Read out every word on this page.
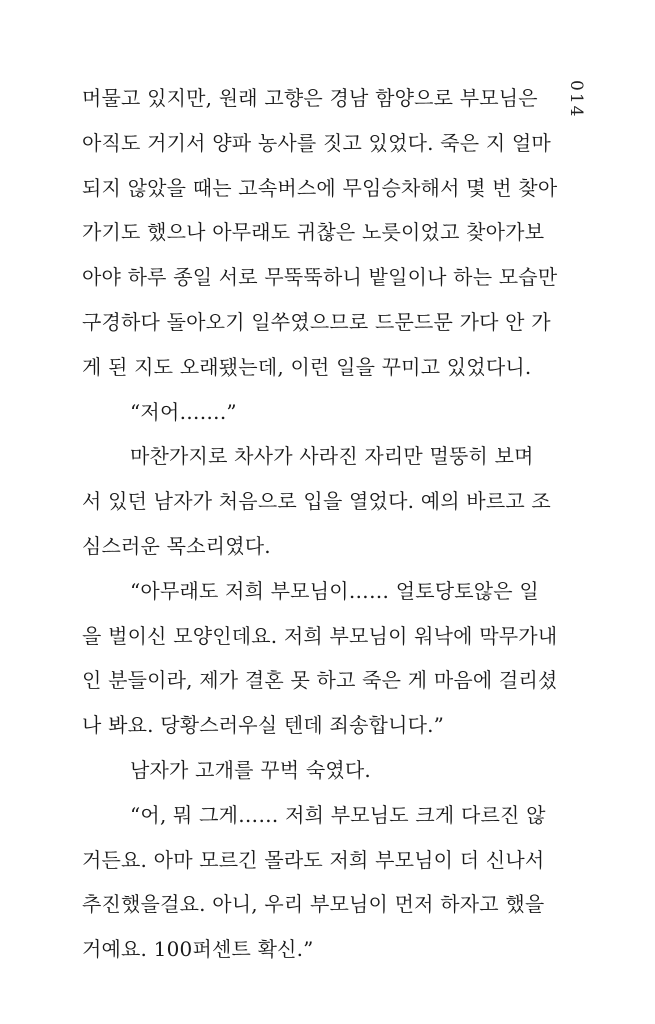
014
머물고 있지만, 원래 고향은 경남 함양으로 부모님은
아직도 거기서 양파 농사를 짓고 있었다. 죽은 지 얼마
되지 않았을 때는 고속버스에 무임승차해서 몇 번 찾아
가기도 했으나 아무래도 귀찮은 노릇이었고 찾아가보
아야 하루 종일 서로 무뚝뚝하니 밭일이나 하는 모습만
구경하다 돌아오기 일쑤였으므로 드문드문 가다 안 가
게 된 지도 오래됐는데, 이런 일을 꾸미고 있었다니.
“저어…….”
마찬가지로 차사가 사라진 자리만 멀뚱히 보며
서 있던 남자가 처음으로 입을 열었다. 예의 바르고 조
심스러운 목소리였다.
“아무래도 저희 부모님이…… 얼토당토않은 일
을 벌이신 모양인데요. 저희 부모님이 워낙에 막무가내
인 분들이라, 제가 결혼 못 하고 죽은 게 마음에 걸리셨
나 봐요. 당황스러우실 텐데 죄송합니다.”
남자가 고개를 꾸벅 숙였다.
“어, 뭐 그게…… 저희 부모님도 크게 다르진 않
거든요. 아마 모르긴 몰라도 저희 부모님이 더 신나서
추진했을걸요. 아니, 우리 부모님이 먼저 하자고 했을
거예요. 100퍼센트 확신.”
